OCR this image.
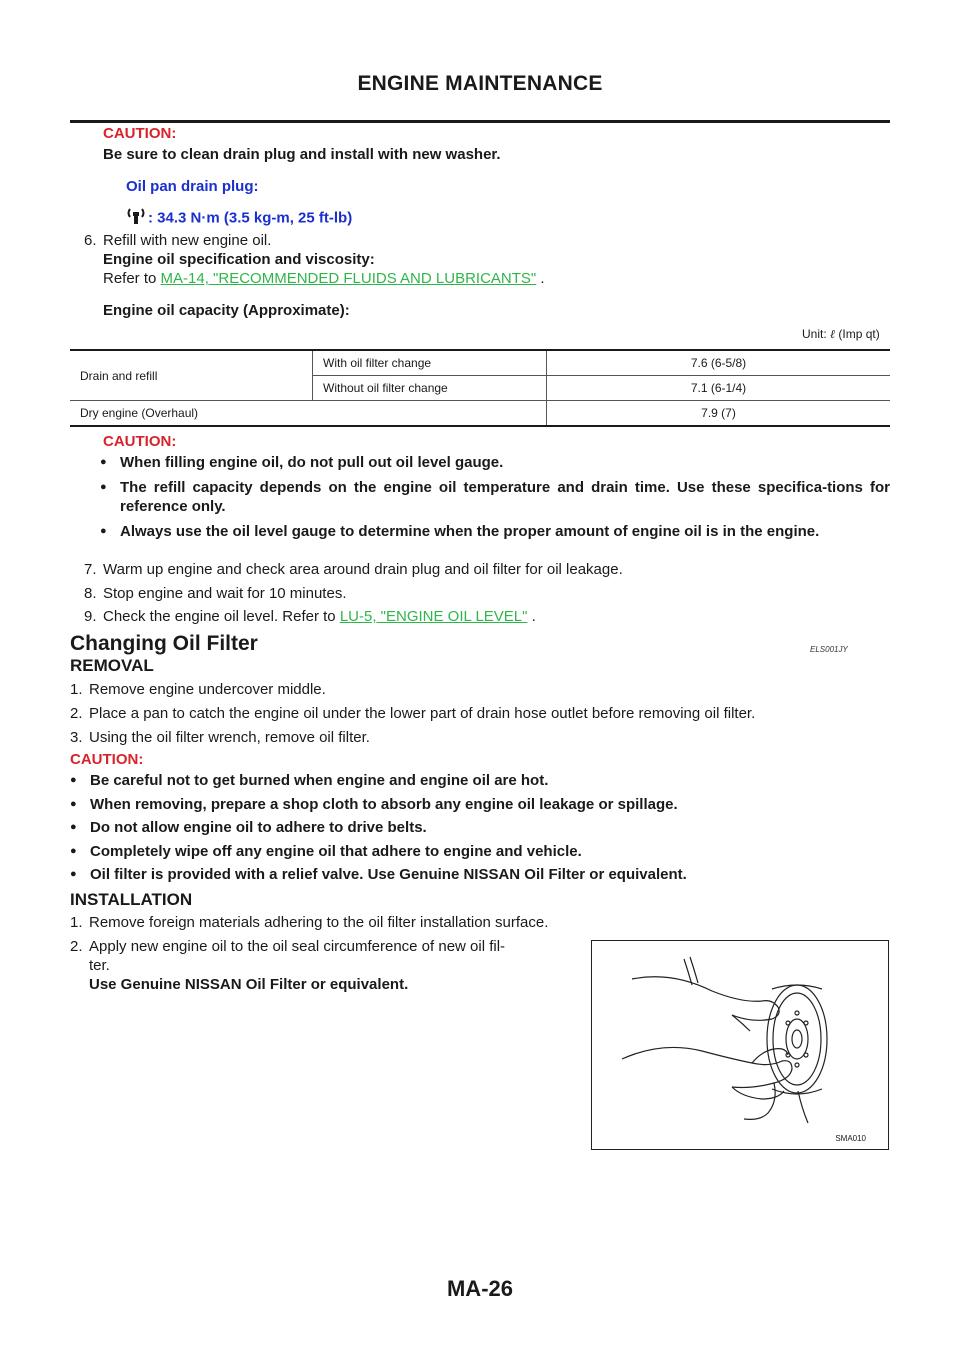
ENGINE MAINTENANCE
CAUTION:
Be sure to clean drain plug and install with new washer.
Oil pan drain plug:
: 34.3 N·m (3.5 kg-m, 25 ft-lb)
6. Refill with new engine oil.
Engine oil specification and viscosity:
Refer to MA-14, "RECOMMENDED FLUIDS AND LUBRICANTS" .
Engine oil capacity (Approximate):
Unit: ℓ (Imp qt)
Drain and refill	With oil filter change	7.6 (6-5/8)
	Without oil filter change	7.1 (6-1/4)
Dry engine (Overhaul)		7.9 (7)
CAUTION:
● When filling engine oil, do not pull out oil level gauge.
● The refill capacity depends on the engine oil temperature and drain time. Use these specifica-tions for reference only.
● Always use the oil level gauge to determine when the proper amount of engine oil is in the engine.
7. Warm up engine and check area around drain plug and oil filter for oil leakage.
8. Stop engine and wait for 10 minutes.
9. Check the engine oil level. Refer to LU-5, "ENGINE OIL LEVEL" .
Changing Oil Filter	ELS001JY
REMOVAL
1. Remove engine undercover middle.
2. Place a pan to catch the engine oil under the lower part of drain hose outlet before removing oil filter.
3. Using the oil filter wrench, remove oil filter.
CAUTION:
● Be careful not to get burned when engine and engine oil are hot.
● When removing, prepare a shop cloth to absorb any engine oil leakage or spillage.
● Do not allow engine oil to adhere to drive belts.
● Completely wipe off any engine oil that adhere to engine and vehicle.
● Oil filter is provided with a relief valve. Use Genuine NISSAN Oil Filter or equivalent.
INSTALLATION
1. Remove foreign materials adhering to the oil filter installation surface.
2. Apply new engine oil to the oil seal circumference of new oil fil-
ter.
Use Genuine NISSAN Oil Filter or equivalent.
SMA010
MA-26
